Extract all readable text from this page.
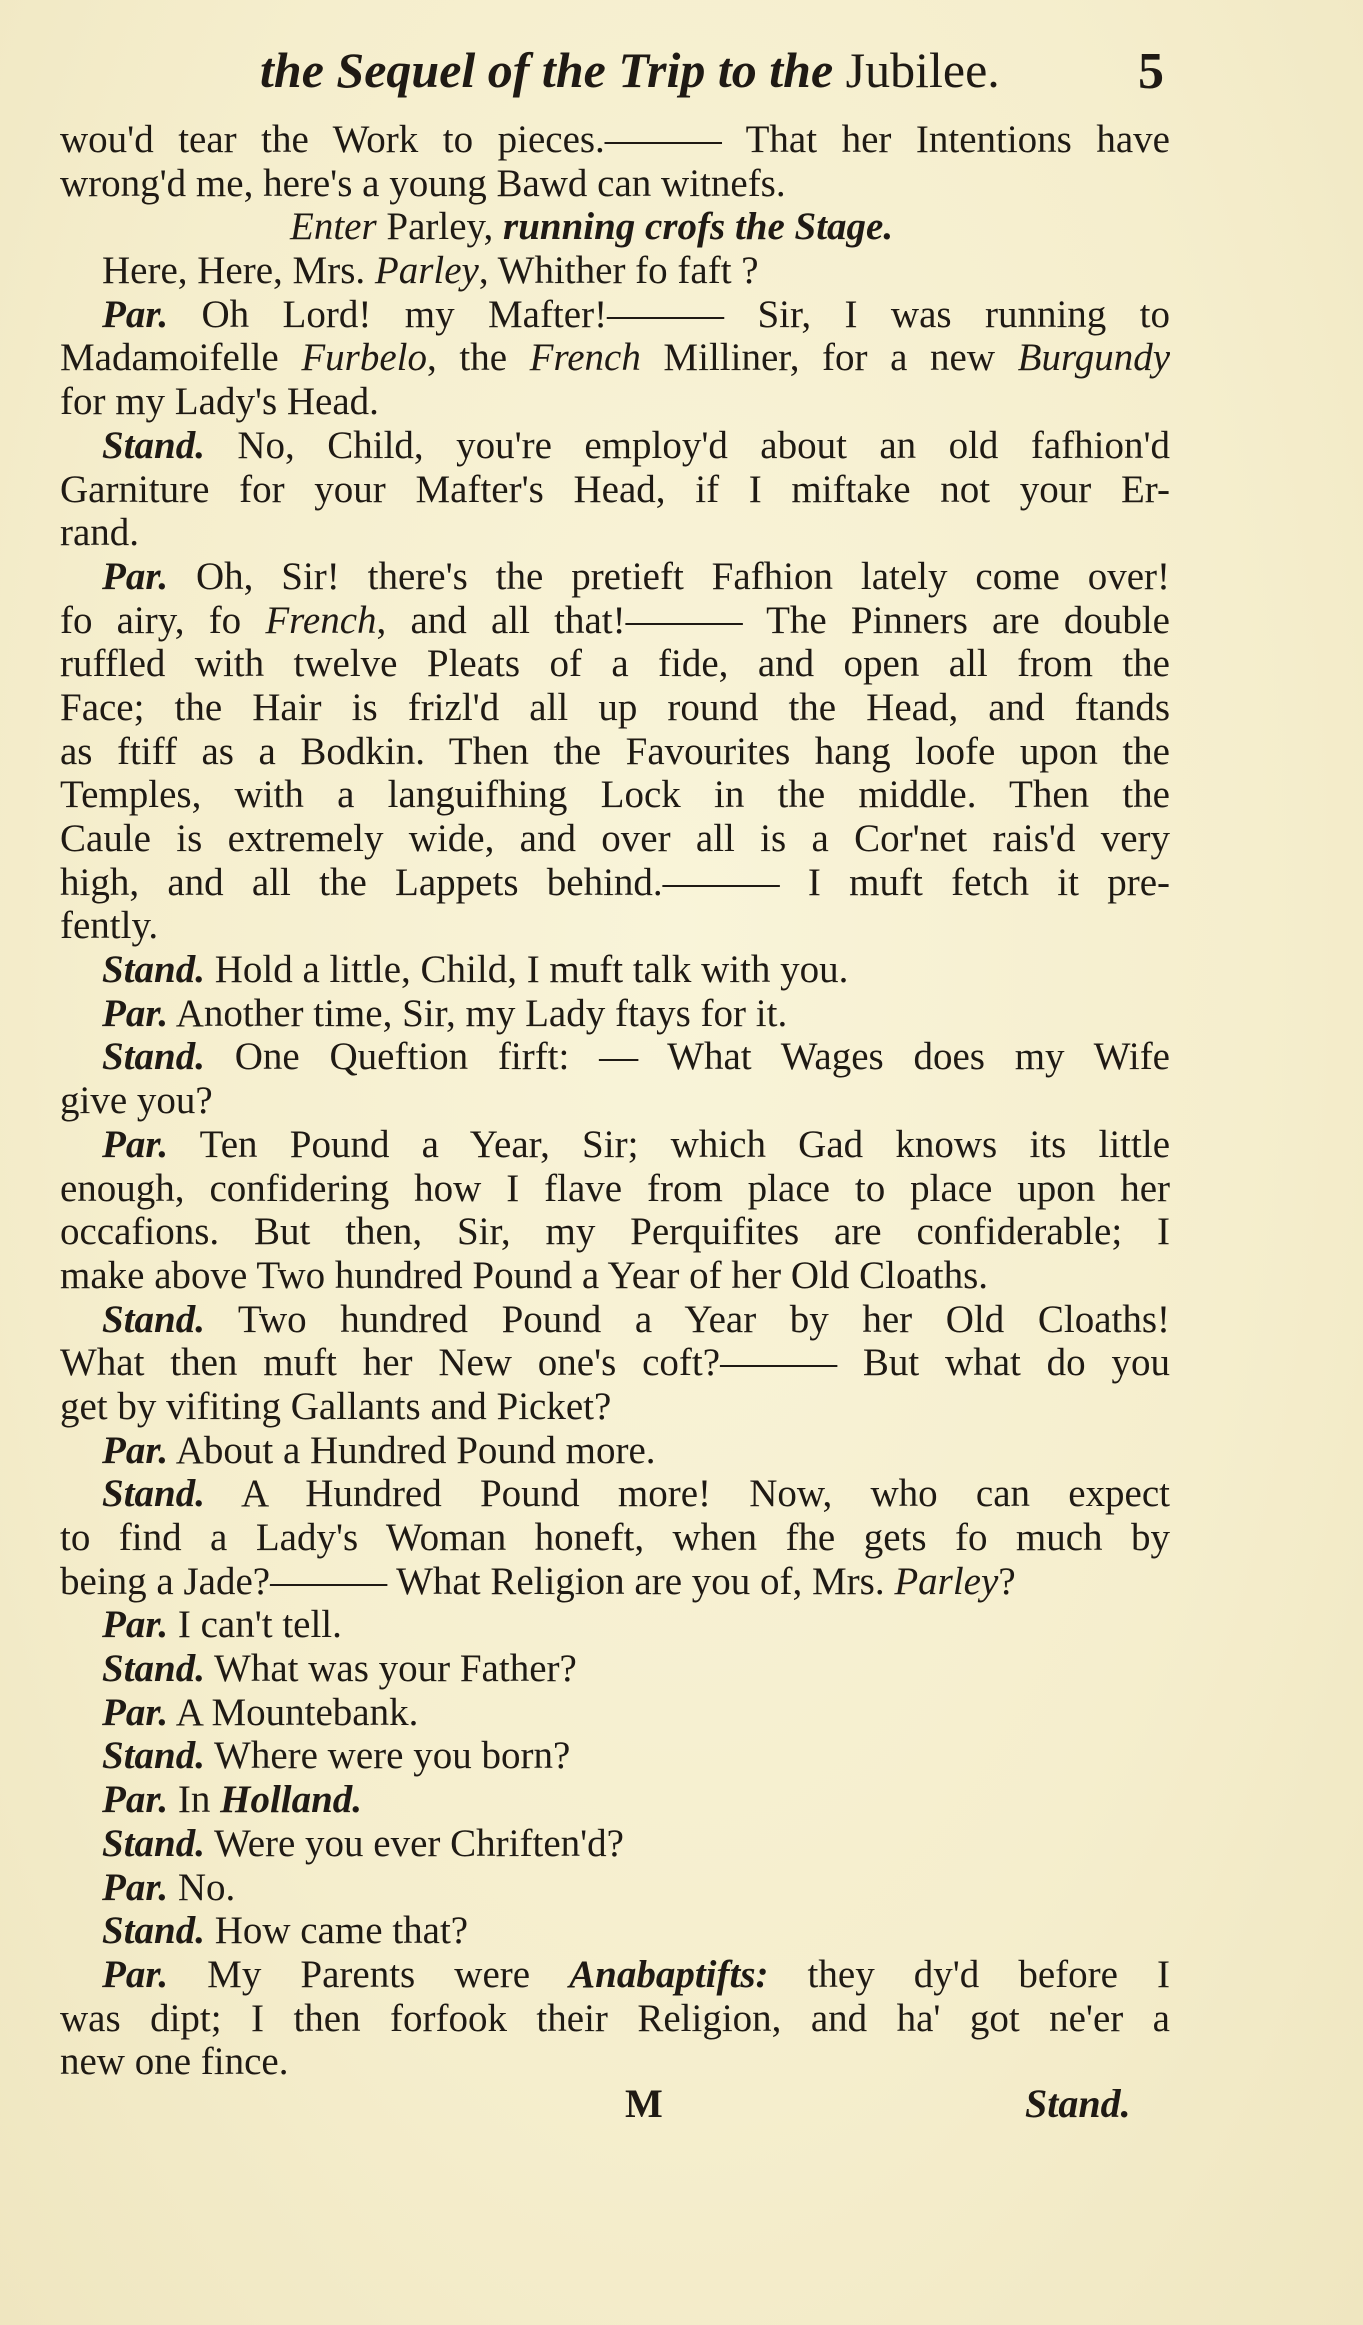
the Sequel of the Trip to the Jubilee.	5
wou'd tear the Work to pieces.——— That her Intentions have
wrong'd me, here's a young Bawd can witnefs.
Enter Parley, running crofs the Stage.
Here, Here, Mrs. Parley, Whither fo faft ?
Par. Oh Lord! my Mafter!——— Sir, I was running to
Madamoifelle Furbelo, the French Milliner, for a new Burgundy
for my Lady's Head.
Stand. No, Child, you're employ'd about an old fafhion'd
Garniture for your Mafter's Head, if I miftake not your Er-
rand.
Par. Oh, Sir! there's the pretieft Fafhion lately come over!
fo airy, fo French, and all that!——— The Pinners are double
ruffled with twelve Pleats of a fide, and open all from the
Face; the Hair is frizl'd all up round the Head, and ftands
as ftiff as a Bodkin. Then the Favourites hang loofe upon the
Temples, with a languifhing Lock in the middle. Then the
Caule is extremely wide, and over all is a Cor'net rais'd very
high, and all the Lappets behind.——— I muft fetch it pre-
fently.
Stand. Hold a little, Child, I muft talk with you.
Par. Another time, Sir, my Lady ftays for it.
Stand. One Queftion firft: — What Wages does my Wife
give you?
Par. Ten Pound a Year, Sir; which Gad knows its little
enough, confidering how I flave from place to place upon her
occafions. But then, Sir, my Perquifites are confiderable; I
make above Two hundred Pound a Year of her Old Cloaths.
Stand. Two hundred Pound a Year by her Old Cloaths!
What then muft her New one's coft?——— But what do you
get by vifiting Gallants and Picket?
Par. About a Hundred Pound more.
Stand. A Hundred Pound more! Now, who can expect
to find a Lady's Woman honeft, when fhe gets fo much by
being a Jade?——— What Religion are you of, Mrs. Parley?
Par. I can't tell.
Stand. What was your Father?
Par. A Mountebank.
Stand. Where were you born?
Par. In Holland.
Stand. Were you ever Chriften'd?
Par. No.
Stand. How came that?
Par. My Parents were Anabaptifts: they dy'd before I
was dipt; I then forfook their Religion, and ha' got ne'er a
new one fince.
M	Stand.
